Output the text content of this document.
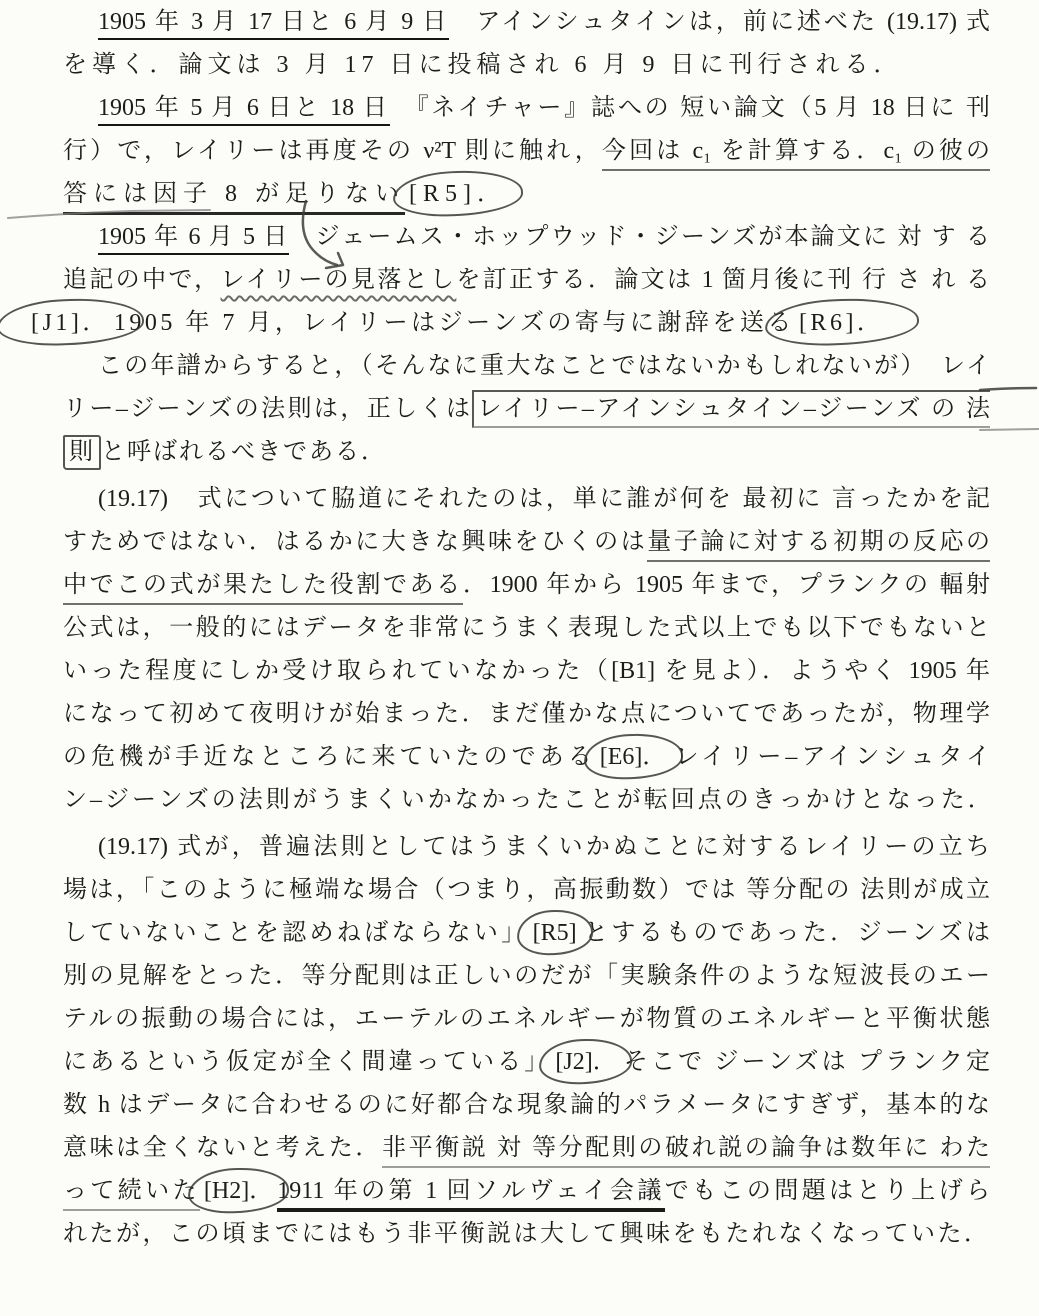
1905 年 3 月 17 日と 6 月 9 日　アインシュタインは，前に述べた (19.17) 式
を導く．論文は 3 月 17 日に投稿され 6 月 9 日に刊行される．
1905 年 5 月 6 日と 18 日　『ネイチャー』誌への 短い論文（5 月 18 日に 刊
行）で，レイリーは再度その ν²T 則に触れ，今回は c₁ を計算する．c₁ の彼の
答には因子 8 が足りない [R5]．
1905 年 6 月 5 日　ジェームス・ホップウッド・ジーンズが本論文に 対 す る
追記の中で，レイリーの見落としを訂正する．論文は 1 箇月後に刊 行 さ れ る
[J1]． 1905 年 7 月，レイリーはジーンズの寄与に謝辞を送る [R6]．
この年譜からすると，（そんなに重大なことではないかもしれないが）　レイ
リー–ジーンズの法則は，正しくは レイリー–アインシュタイン–ジーンズ の 法
則 と呼ばれるべきである．
(19.17)　式について脇道にそれたのは，単に誰が何を 最初に 言ったかを記
すためではない．はるかに大きな興味をひくのは量子論に対する初期の反応の
中でこの式が果たした役割である．1900 年から 1905 年まで，プランクの 輻射
公式は，一般的にはデータを非常にうまく表現した式以上でも以下でもないと
いった程度にしか受け取られていなかった（[B1] を見よ）．ようやく 1905 年
になって初めて夜明けが始まった．まだ僅かな点についてであったが，物理学
の危機が手近なところに来ていたのである [E6]． レイリー–アインシュタイ
ン–ジーンズの法則がうまくいかなかったことが転回点のきっかけとなった．
(19.17) 式が，普遍法則としてはうまくいかぬことに対するレイリーの立ち
場は，「このように極端な場合（つまり，高振動数）では 等分配の 法則が成立
していないことを認めねばならない」 [R5] とするものであった．ジーンズは
別の見解をとった．等分配則は正しいのだが「実験条件のような短波長のエー
テルの振動の場合には，エーテルのエネルギーが物質のエネルギーと平衡状態
にあるという仮定が全く間違っている」 [J2]． そこで ジーンズは プランク定
数 h はデータに合わせるのに好都合な現象論的パラメータにすぎず，基本的な
意味は全くないと考えた．非平衡説 対 等分配則の破れ説の論争は数年に わた
って続いた [H2]． 1911 年の第 1 回ソルヴェイ会議でもこの問題はとり上げら
れたが，この頃までにはもう非平衡説は大して興味をもたれなくなっていた．
